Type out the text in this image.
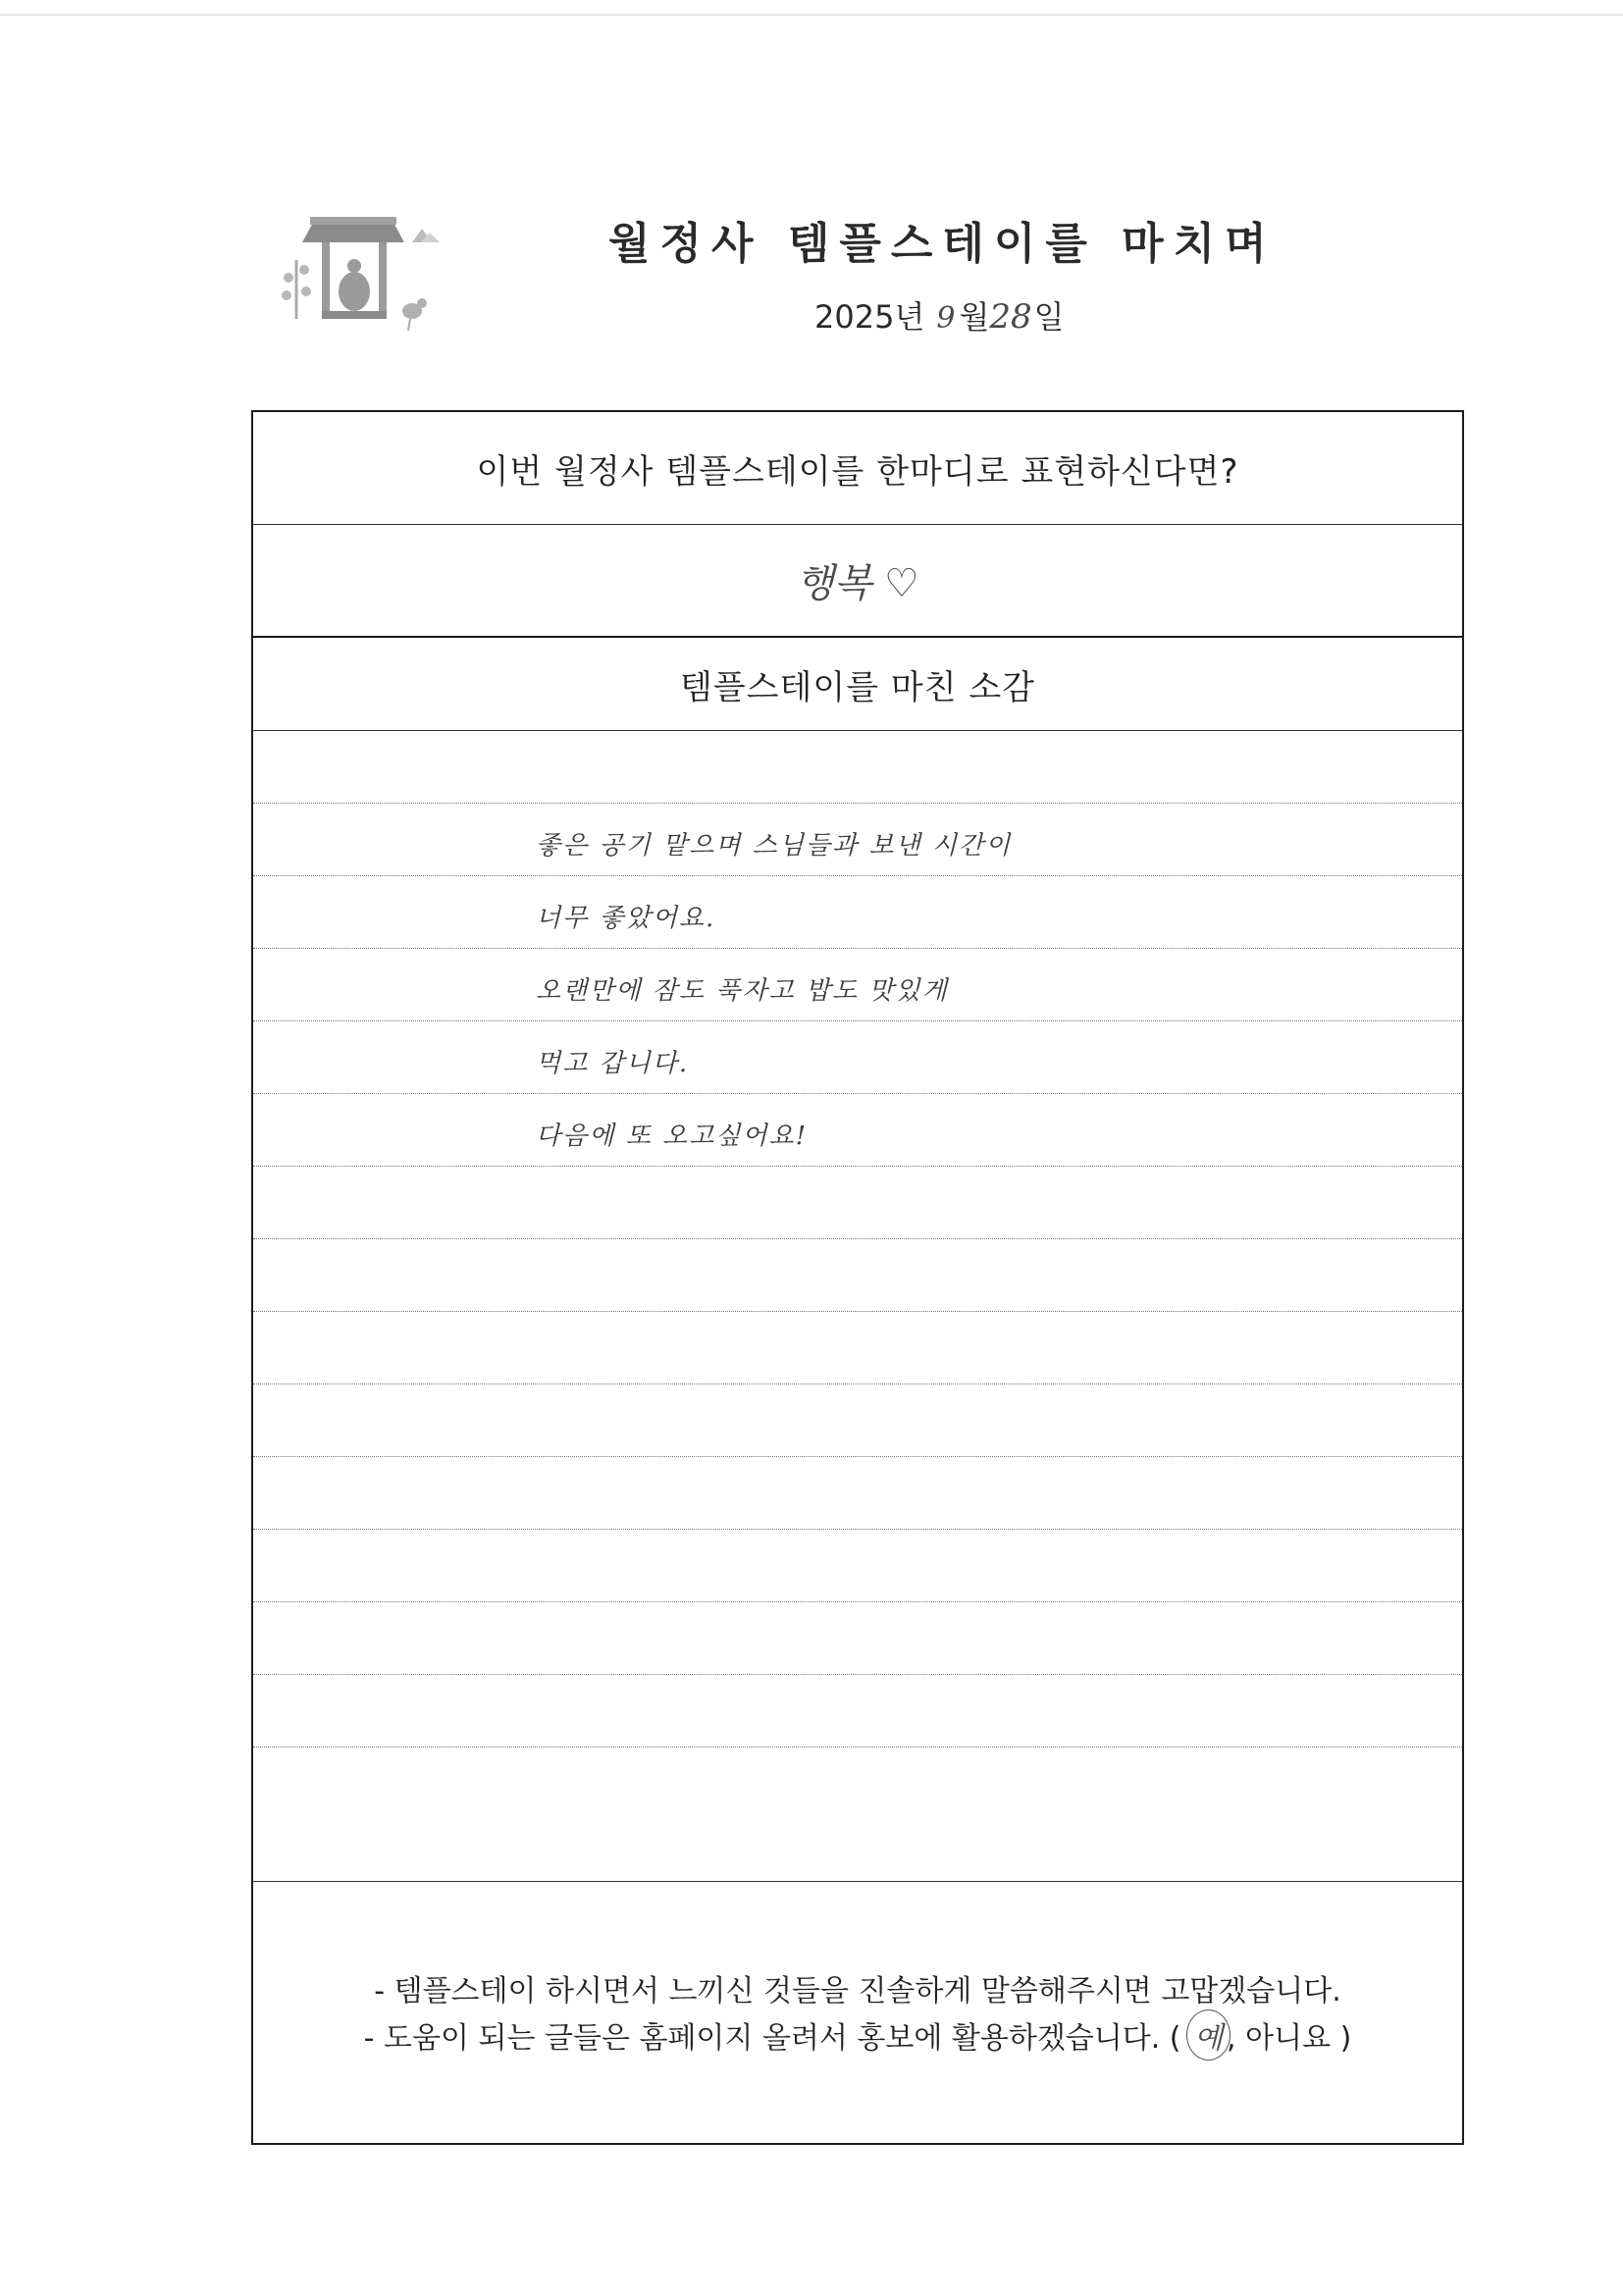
월정사 템플스테이를 마치며
2025년 9 월 28 일
이번 월정사 템플스테이를 한마디로 표현하신다면?
행복 ♡
템플스테이를 마친 소감
좋은 공기 맡으며 스님들과 보낸 시간이
너무 좋았어요.
오랜만에 잠도 푹자고 밥도 맛있게
먹고 갑니다.
다음에 또 오고싶어요!
- 템플스테이 하시면서 느끼신 것들을 진솔하게 말씀해주시면 고맙겠습니다.
- 도움이 되는 글들은 홈페이지 올려서 홍보에 활용하겠습니다. ( 예 , 아니요 )
